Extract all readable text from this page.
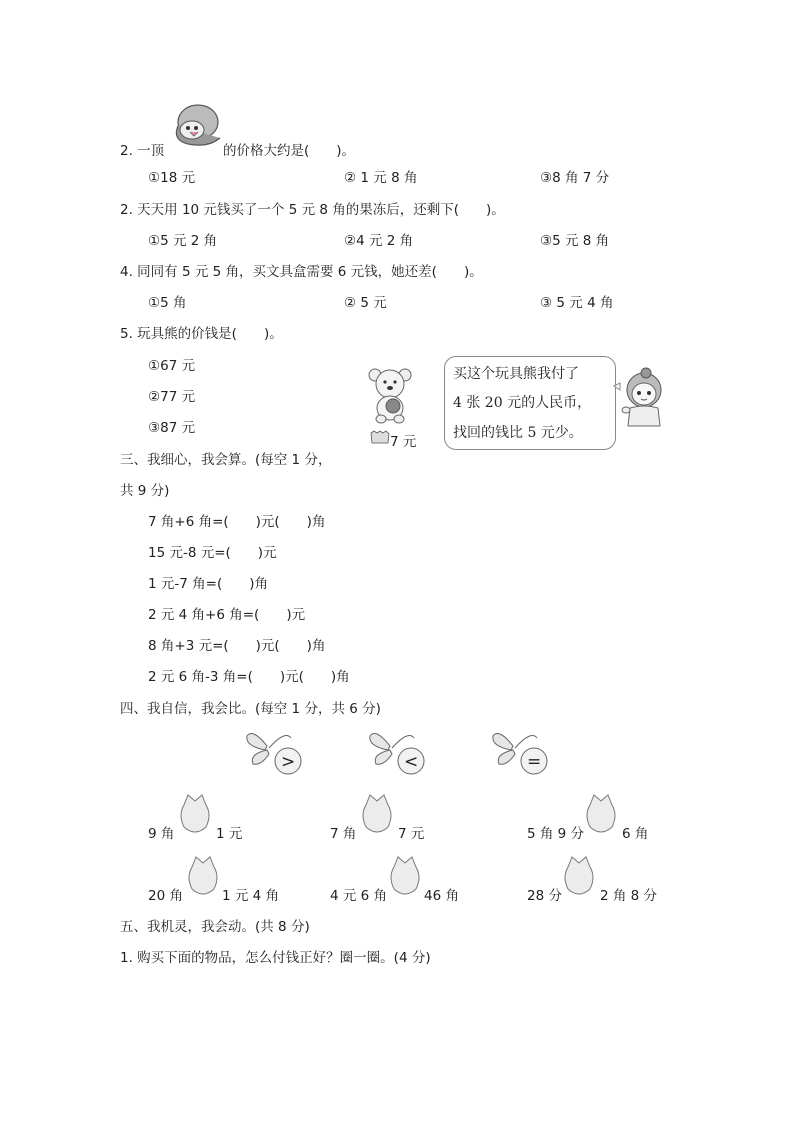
2. 一顶	的价格大约是(　　)。
①18 元	② 1 元 8 角	③8 角 7 分
2. 天天用 10 元钱买了一个 5 元 8 角的果冻后，还剩下(　　)。
①5 元 2 角	②4 元 2 角	③5 元 8 角
4. 同同有 5 元 5 角，买文具盒需要 6 元钱，她还差(　　)。
①5 角	② 5 元	③ 5 元 4 角
5. 玩具熊的价钱是(　　)。
①67 元
②77 元
③87 元
7 元
买这个玩具熊我付了
4 张 20 元的人民币，
找回的钱比 5 元少。
三、我细心，我会算。(每空 1 分，
共 9 分)
7 角+6 角=(　　)元(　　)角
15 元-8 元=(　　)元
1 元-7 角=(　　)角
2 元 4 角+6 角=(　　)元
8 角+3 元=(　　)元(　　)角
2 元 6 角-3 角=(　　)元(　　)角
四、我自信，我会比。(每空 1 分，共 6 分)
>	<	=
9 角	1 元	7 角	7 元	5 角 9 分	6 角
20 角	1 元 4 角	4 元 6 角	46 角	28 分	2 角 8 分
五、我机灵，我会动。(共 8 分)
1. 购买下面的物品，怎么付钱正好？圈一圈。(4 分)
